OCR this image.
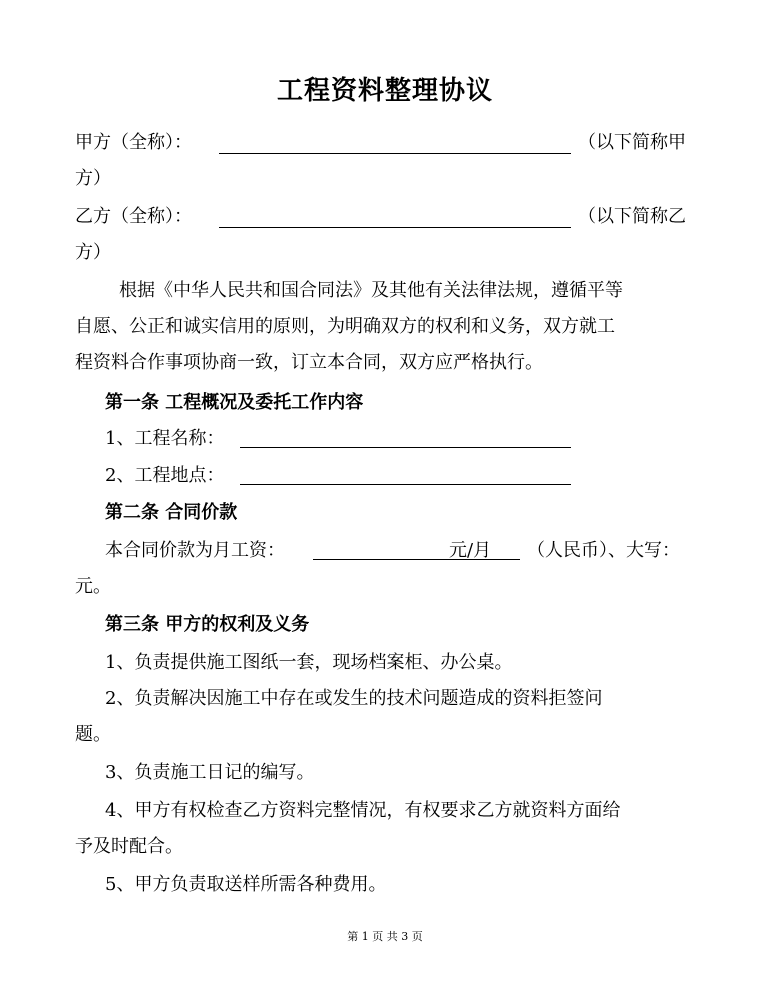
工程资料整理协议
甲方（全称）：	（以下简称甲
方）
乙方（全称）：	（以下简称乙
方）
根据《中华人民共和国合同法》及其他有关法律法规，遵循平等
自愿、公正和诚实信用的原则，为明确双方的权利和义务，双方就工
程资料合作事项协商一致，订立本合同，双方应严格执行。
第一条 工程概况及委托工作内容
1、工程名称：
2、工程地点：
第二条 合同价款
本合同价款为月工资：	元/月 （人民币）、大写：
元。
第三条 甲方的权利及义务
1、负责提供施工图纸一套，现场档案柜、办公桌。
2、负责解决因施工中存在或发生的技术问题造成的资料拒签问
题。
3、负责施工日记的编写。
4、甲方有权检查乙方资料完整情况，有权要求乙方就资料方面给
予及时配合。
5、甲方负责取送样所需各种费用。
第 1 页 共 3 页
